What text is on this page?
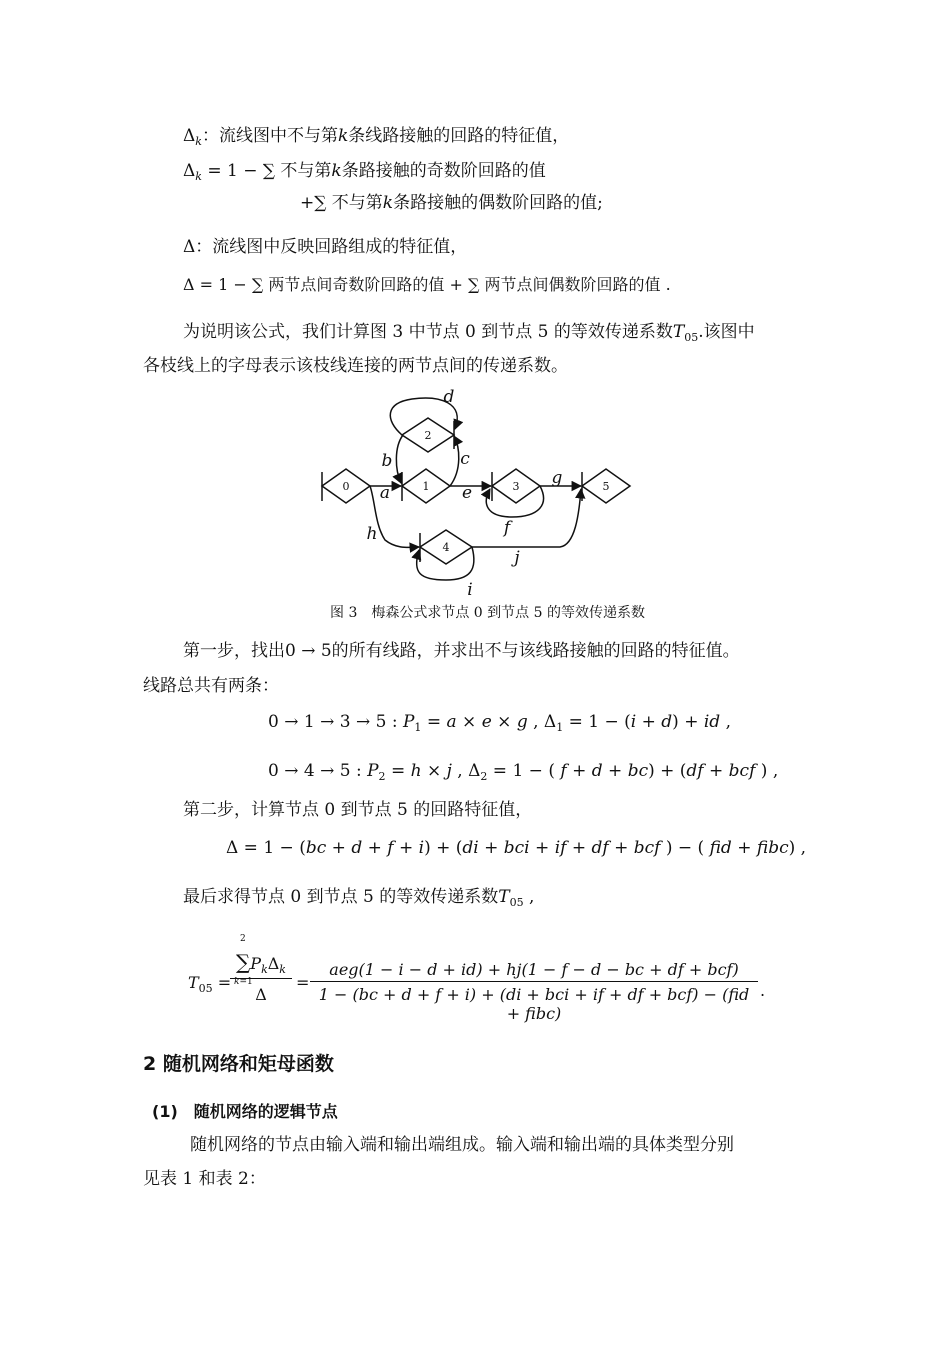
$\Delta_k$：流线图中不与第k条线路接触的回路的特征值，
$\Delta_k = 1$ − ∑ 不与第k条路接触的奇数阶回路的值
+∑ 不与第k条路接触的偶数阶回路的值;
Δ：流线图中反映回路组成的特征值，
Δ = 1 − ∑ 两节点间奇数阶回路的值 + ∑ 两节点间偶数阶回路的值 .
为说明该公式，我们计算图 3 中节点 0 到节点 5 的等效传递系数$T_{05}$.该图中
各枝线上的字母表示该枝线连接的两节点间的传递系数。
0	1
2
3
4
5
a
b	c
d
e
f
g
h
i
j
图 3　梅森公式求节点 0 到节点 5 的等效传递系数
第一步，找出0 → 5的所有线路，并求出不与该线路接触的回路的特征值。
线路总共有两条：
0 → 1 → 3 → 5 : $P_1 = a \times e \times g$ , $\Delta_1 = 1 - (i + d)$ + id ,
0 → 4 → 5 : $P_2 = h \times j$ , $\Delta_2 = 1$ − ( f + d + bc) + (df + bcf ) ,
第二步，计算节点 0 到节点 5 的回路特征值，
Δ = 1 − (bc + d + f + i) + (di + bci + if + df + bcf ) − ( fid + fibc) ,
最后求得节点 0 到节点 5 的等效传递系数$T_{05}$ ,
$T_{05}$ =
2
$\sum P_k\Delta_k$
k=1
Δ
=
aeg(1 − i − d + id) + hj(1 − f − d − bc + df + bcf)
1 − (bc + d + f + i) + (di + bci + if + df + bcf) − (fid + fibc)
.
2 随机网络和矩母函数
(1)　随机网络的逻辑节点
随机网络的节点由输入端和输出端组成。输入端和输出端的具体类型分别
见表 1 和表 2：
